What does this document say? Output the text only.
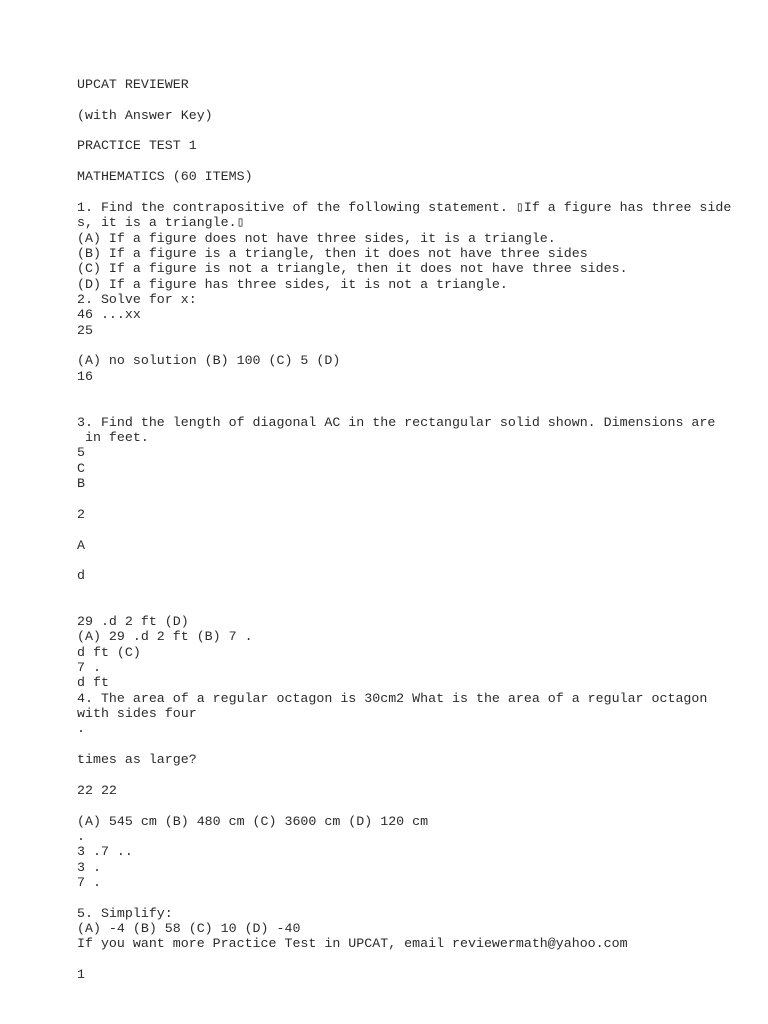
UPCAT REVIEWER
(with Answer Key)
PRACTICE TEST 1
MATHEMATICS (60 ITEMS)
1. Find the contrapositive of the following statement. ▯If a figure has three side
s, it is a triangle.▯
(A) If a figure does not have three sides, it is a triangle.
(B) If a figure is a triangle, then it does not have three sides
(C) If a figure is not a triangle, then it does not have three sides.
(D) If a figure has three sides, it is not a triangle.
2. Solve for x:
46 ...xx
25
(A) no solution (B) 100 (C) 5 (D)
16
3. Find the length of diagonal AC in the rectangular solid shown. Dimensions are
in feet.
5
C
B
2
A
d
29 .d 2 ft (D)
(A) 29 .d 2 ft (B) 7 .
d ft (C)
7 .
d ft
4. The area of a regular octagon is 30cm2 What is the area of a regular octagon
with sides four
.
times as large?
22 22
(A) 545 cm (B) 480 cm (C) 3600 cm (D) 120 cm
.
3 .7 ..
3 .
7 .
5. Simplify:
(A) -4 (B) 58 (C) 10 (D) -40
If you want more Practice Test in UPCAT, email reviewermath@yahoo.com
1
